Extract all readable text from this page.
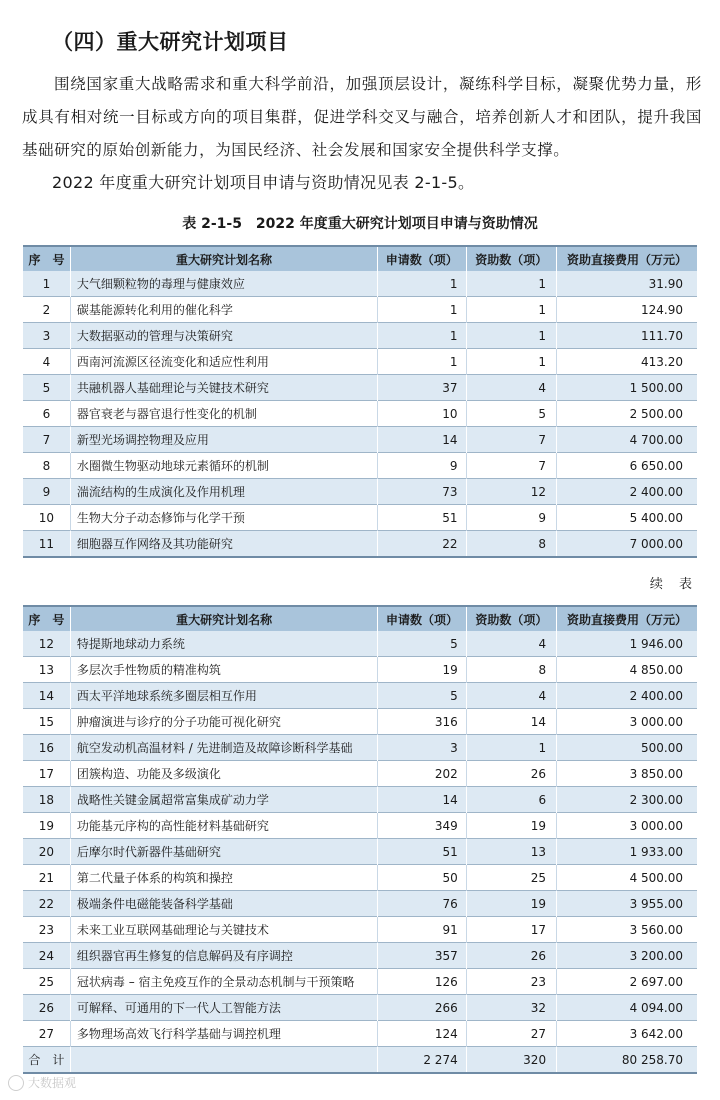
（四）重大研究计划项目
围绕国家重大战略需求和重大科学前沿，加强顶层设计，凝练科学目标，凝聚优势力量，形成具有相对统一目标或方向的项目集群，促进学科交叉与融合，培养创新人才和团队，提升我国基础研究的原始创新能力，为国民经济、社会发展和国家安全提供科学支撑。
2022 年度重大研究计划项目申请与资助情况见表 2-1-5。
表 2-1-5　2022 年度重大研究计划项目申请与资助情况
序　号	重大研究计划名称	申请数（项）	资助数（项）	资助直接费用（万元）
1	大气细颗粒物的毒理与健康效应	1	1	31.90
2	碳基能源转化利用的催化科学	1	1	124.90
3	大数据驱动的管理与决策研究	1	1	111.70
4	西南河流源区径流变化和适应性利用	1	1	413.20
5	共融机器人基础理论与关键技术研究	37	4	1 500.00
6	器官衰老与器官退行性变化的机制	10	5	2 500.00
7	新型光场调控物理及应用	14	7	4 700.00
8	水圈微生物驱动地球元素循环的机制	9	7	6 650.00
9	湍流结构的生成演化及作用机理	73	12	2 400.00
10	生物大分子动态修饰与化学干预	51	9	5 400.00
11	细胞器互作网络及其功能研究	22	8	7 000.00
续 表
序　号	重大研究计划名称	申请数（项）	资助数（项）	资助直接费用（万元）
12	特提斯地球动力系统	5	4	1 946.00
13	多层次手性物质的精准构筑	19	8	4 850.00
14	西太平洋地球系统多圈层相互作用	5	4	2 400.00
15	肿瘤演进与诊疗的分子功能可视化研究	316	14	3 000.00
16	航空发动机高温材料 / 先进制造及故障诊断科学基础	3	1	500.00
17	团簇构造、功能及多级演化	202	26	3 850.00
18	战略性关键金属超常富集成矿动力学	14	6	2 300.00
19	功能基元序构的高性能材料基础研究	349	19	3 000.00
20	后摩尔时代新器件基础研究	51	13	1 933.00
21	第二代量子体系的构筑和操控	50	25	4 500.00
22	极端条件电磁能装备科学基础	76	19	3 955.00
23	未来工业互联网基础理论与关键技术	91	17	3 560.00
24	组织器官再生修复的信息解码及有序调控	357	26	3 200.00
25	冠状病毒 – 宿主免疫互作的全景动态机制与干预策略	126	23	2 697.00
26	可解释、可通用的下一代人工智能方法	266	32	4 094.00
27	多物理场高效飞行科学基础与调控机理	124	27	3 642.00
合　计		2 274	320	80 258.70
大数据观
